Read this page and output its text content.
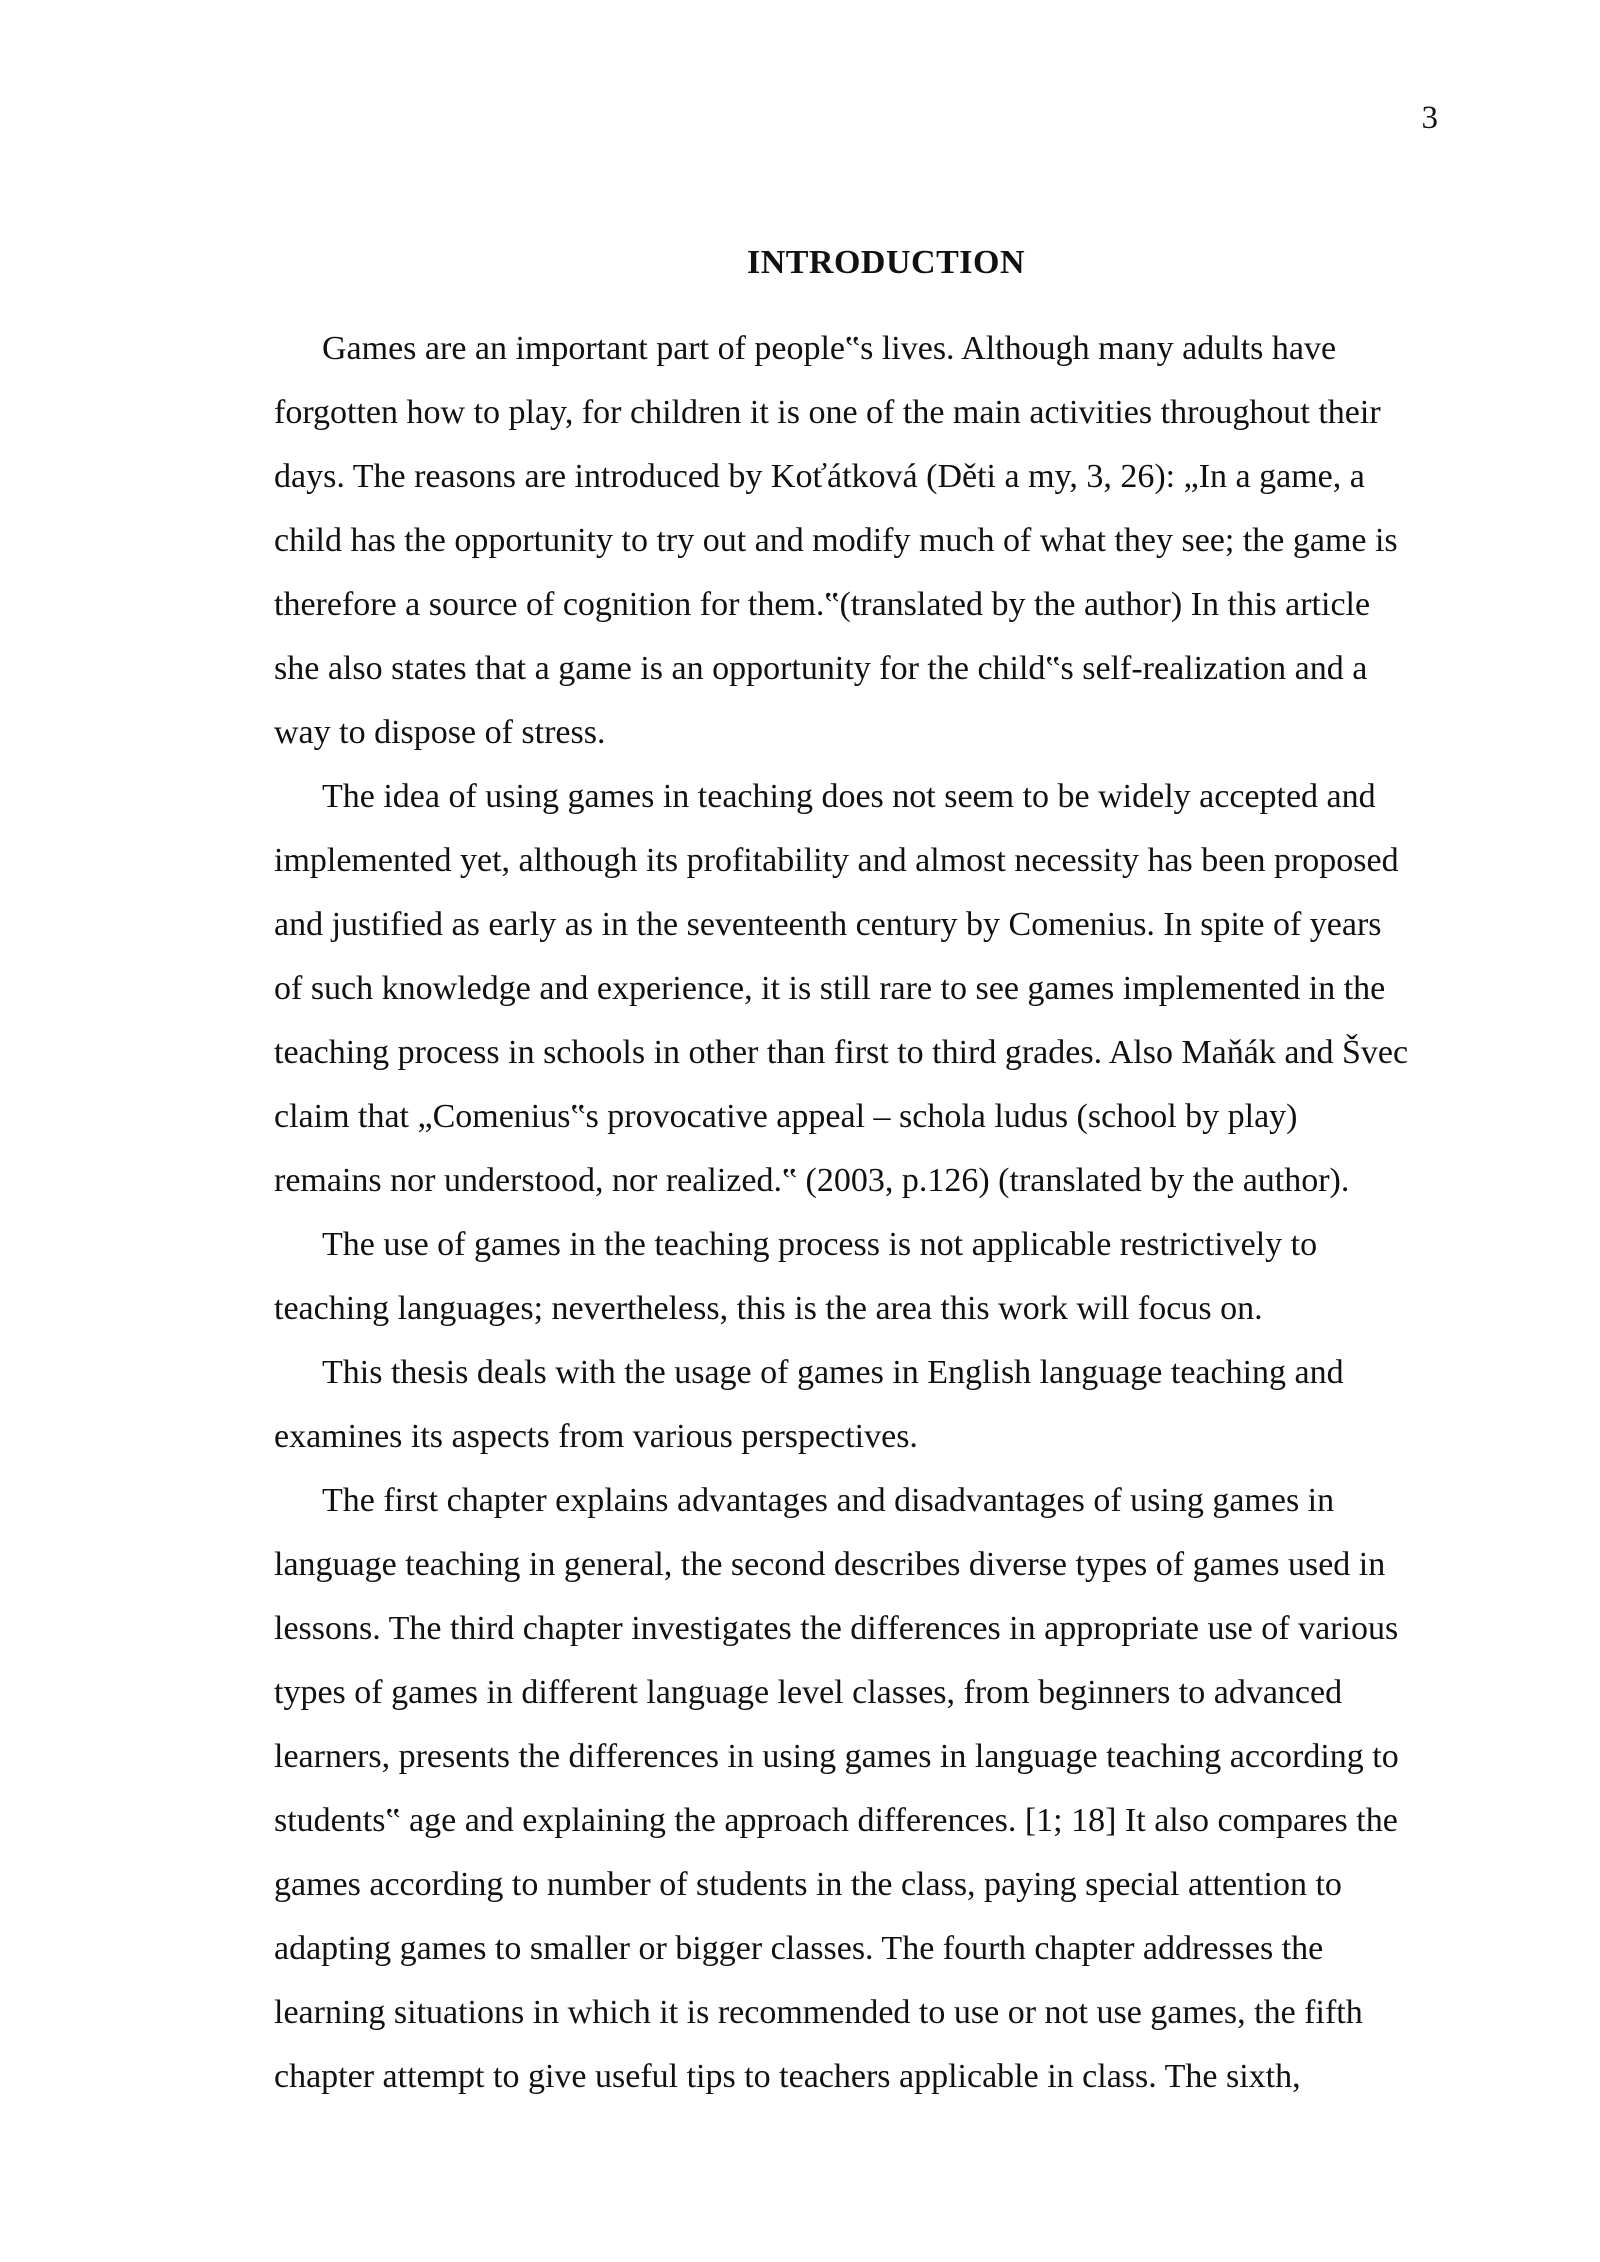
3
INTRODUCTION
Games are an important part of people‟s lives. Although many adults have
forgotten how to play, for children it is one of the main activities throughout their
days. The reasons are introduced by Koťátková (Děti a my, 3, 26): „In a game, a
child has the opportunity to try out and modify much of what they see; the game is
therefore a source of cognition for them.‟(translated by the author) In this article
she also states that a game is an opportunity for the child‟s self-realization and a
way to dispose of stress.
The idea of using games in teaching does not seem to be widely accepted and
implemented yet, although its profitability and almost necessity has been proposed
and justified as early as in the seventeenth century by Comenius. In spite of years
of such knowledge and experience, it is still rare to see games implemented in the
teaching process in schools in other than first to third grades. Also Maňák and Švec
claim that „Comenius‟s provocative appeal – schola ludus (school by play)
remains nor understood, nor realized.‟ (2003, p.126) (translated by the author).
The use of games in the teaching process is not applicable restrictively to
teaching languages; nevertheless, this is the area this work will focus on.
This thesis deals with the usage of games in English language teaching and
examines its aspects from various perspectives.
The first chapter explains advantages and disadvantages of using games in
language teaching in general, the second describes diverse types of games used in
lessons. The third chapter investigates the differences in appropriate use of various
types of games in different language level classes, from beginners to advanced
learners, presents the differences in using games in language teaching according to
students‟ age and explaining the approach differences. [1; 18] It also compares the
games according to number of students in the class, paying special attention to
adapting games to smaller or bigger classes. The fourth chapter addresses the
learning situations in which it is recommended to use or not use games, the fifth
chapter attempt to give useful tips to teachers applicable in class. The sixth,
